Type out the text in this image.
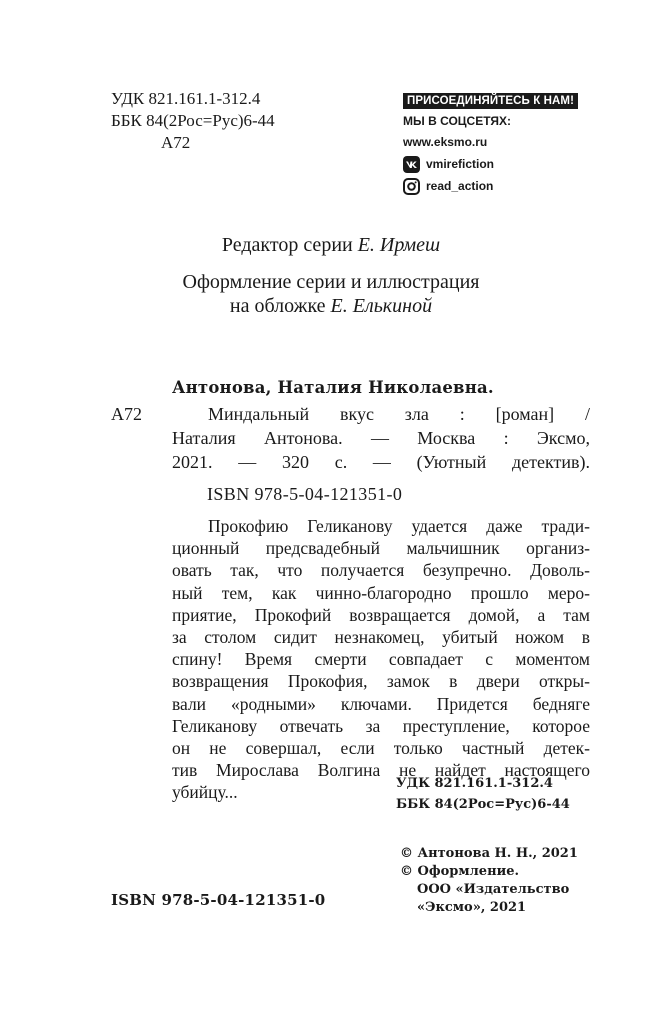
УДК 821.161.1-312.4
ББК 84(2Рос=Рус)6-44
А72
ПРИСОЕДИНЯЙТЕСЬ К НАМ!
МЫ В СОЦСЕТЯХ:
www.eksmo.ru
vmirefiction
read_action
Редактор серии Е. Ирмеш
Оформление серии и иллюстрация
на обложке Е. Елькиной
Антонова, Наталия Николаевна.
А72	Миндальный вкус зла : [роман] /
Наталия Антонова. — Москва : Эксмо,
2021. — 320 с. — (Уютный детектив).
ISBN 978-5-04-121351-0
Прокофию Геликанову удается даже тради-
ционный предсвадебный мальчишник организ-
овать так, что получается безупречно. Доволь-
ный тем, как чинно-благородно прошло меро-
приятие, Прокофий возвращается домой, а там
за столом сидит незнакомец, убитый ножом в
спину! Время смерти совпадает с моментом
возвращения Прокофия, замок в двери откры-
вали «родными» ключами. Придется бедняге
Геликанову отвечать за преступление, которое
он не совершал, если только частный детек-
тив Мирослава Волгина не найдет настоящего
убийцу...	УДК 821.161.1-312.4
ББК 84(2Рос=Рус)6-44
© Антонова Н. Н., 2021
© Оформление.
ООО «Издательство
«Эксмо», 2021
ISBN 978-5-04-121351-0
